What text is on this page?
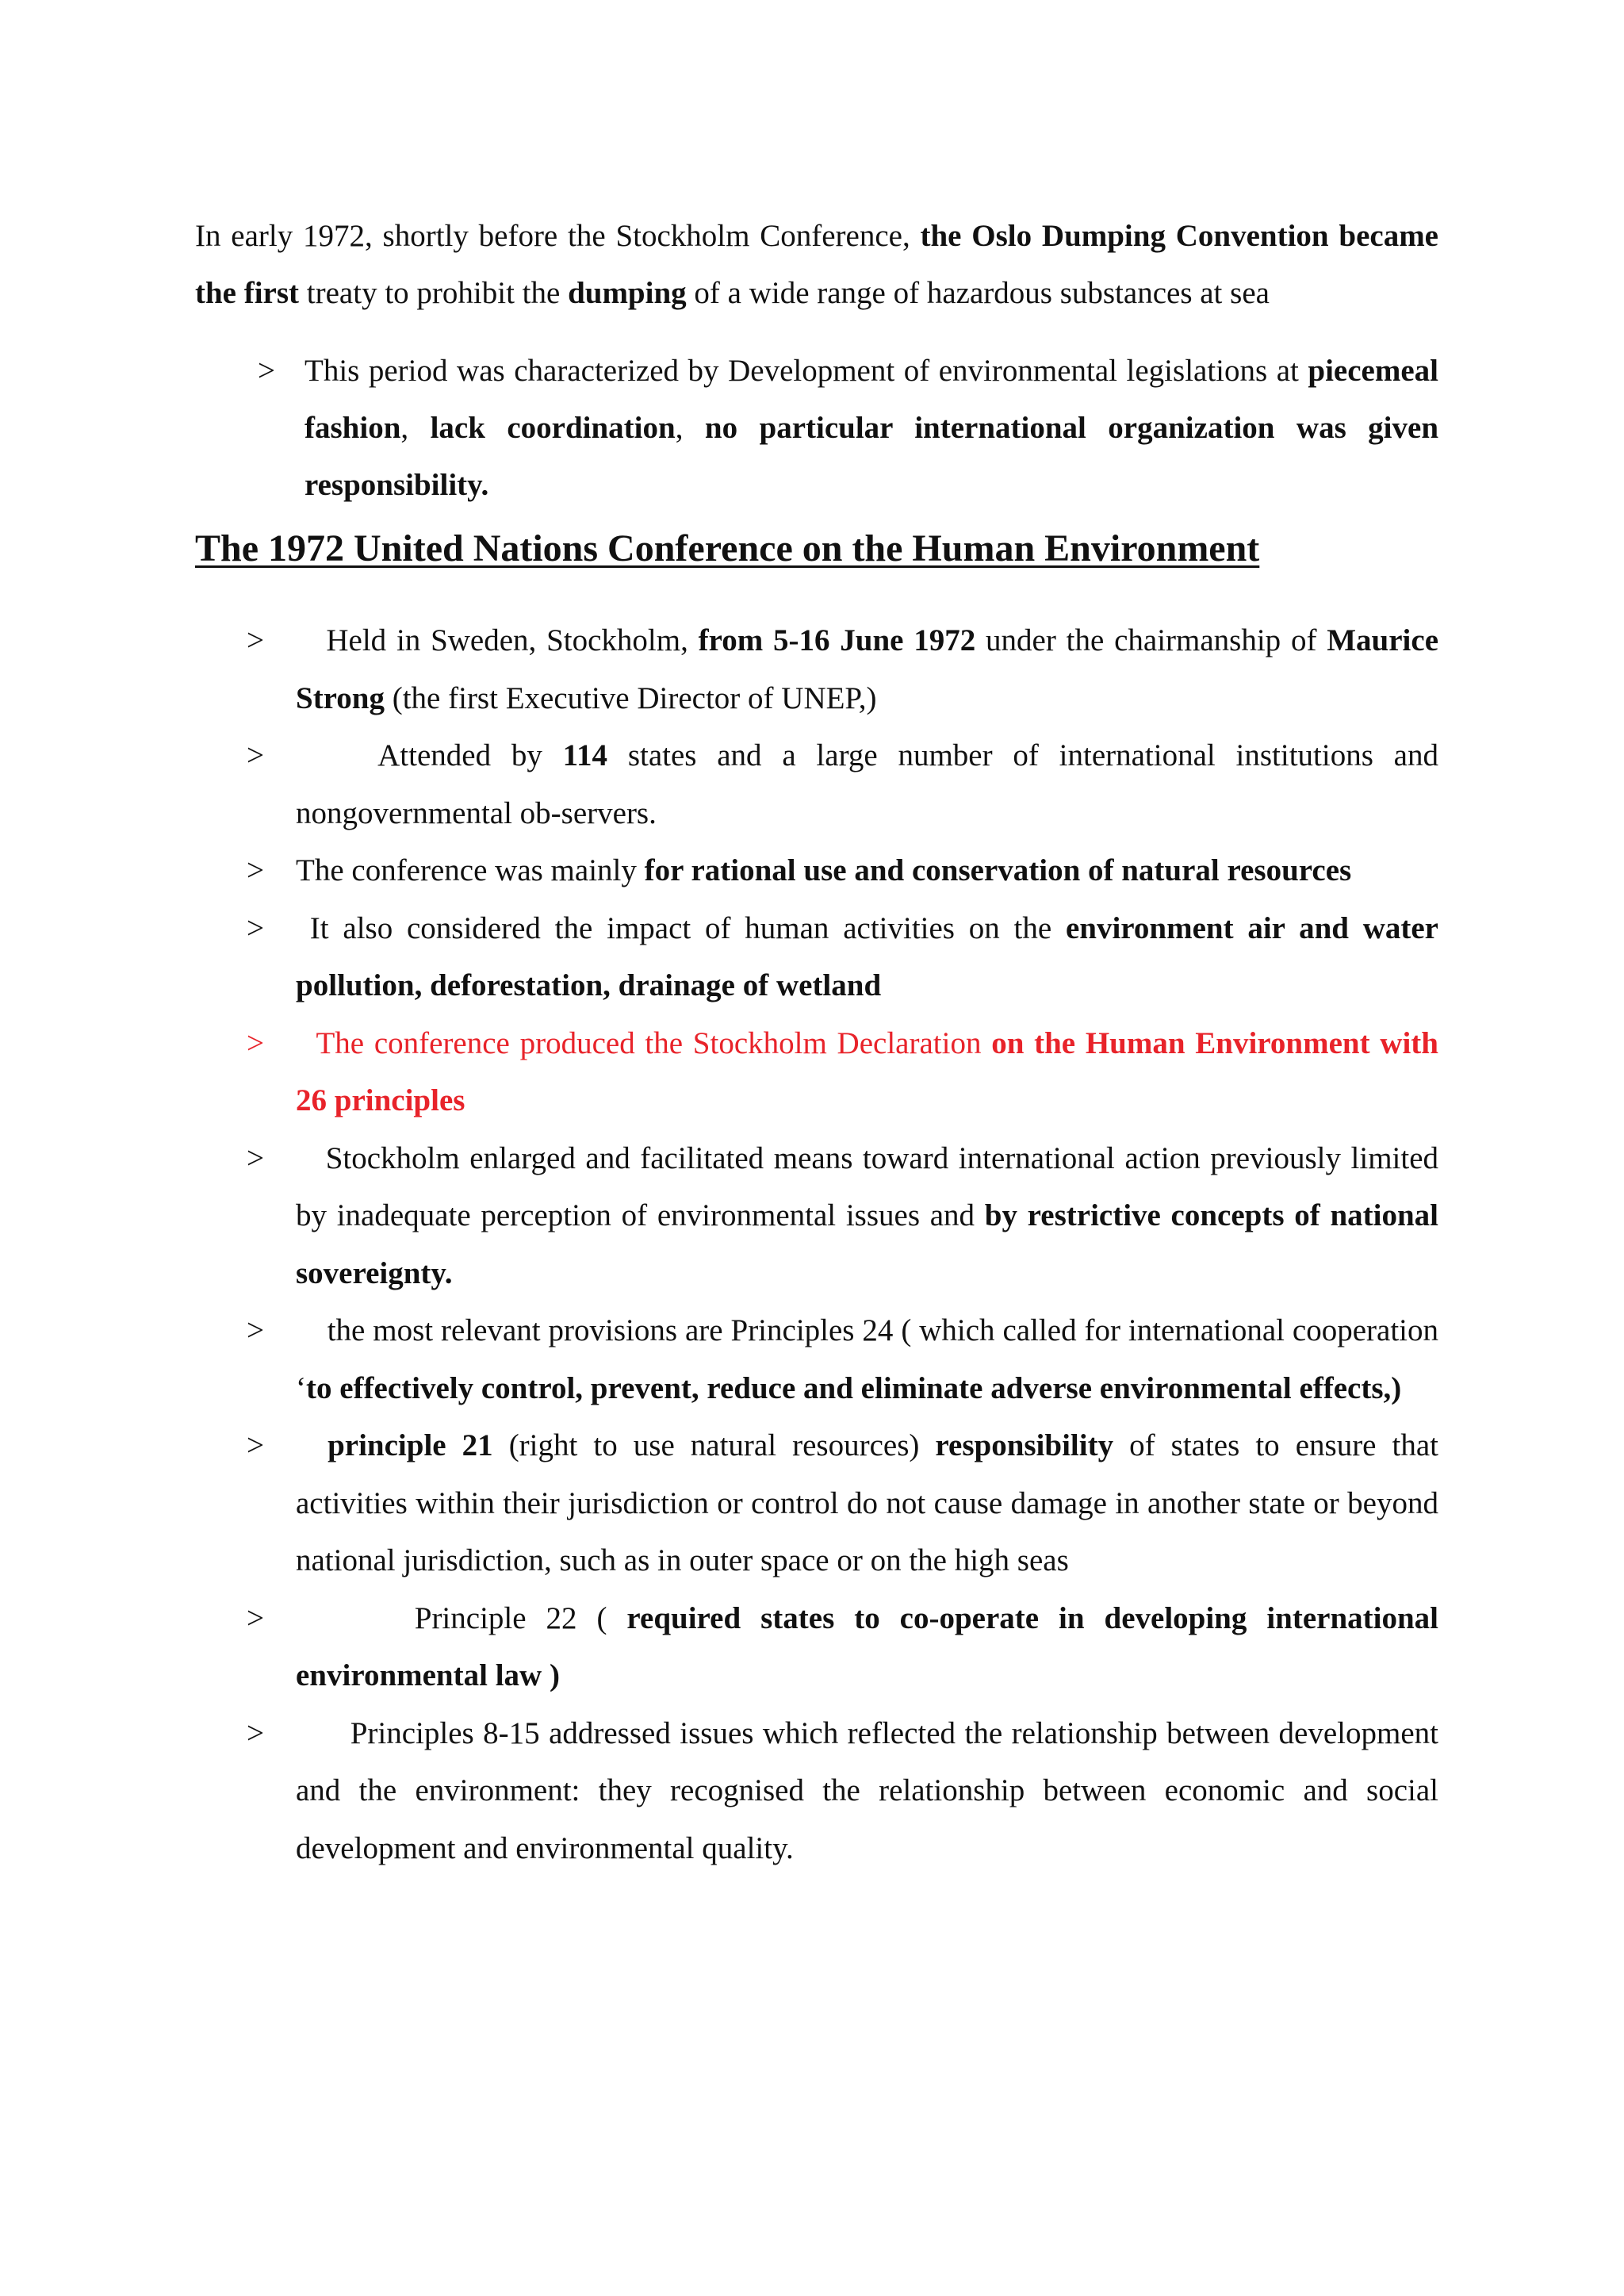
In early 1972, shortly before the Stockholm Conference, the Oslo Dumping Convention became the first treaty to prohibit the dumping of a wide range of hazardous substances at sea

> This period was characterized by Development of environmental legislations at piecemeal fashion, lack coordination, no particular international organization was given responsibility.
The 1972 United Nations Conference on the Human Environment
> Held in Sweden, Stockholm, from 5-16 June 1972 under the chairmanship of Maurice Strong (the first Executive Director of UNEP,)
>	Attended by 114 states and a large number of international institutions and nongovernmental ob-servers.
> The conference was mainly for rational use and conservation of natural resources
> It also considered the impact of human activities on the environment air and water pollution, deforestation, drainage of wetland
> The conference produced the Stockholm Declaration on the Human Environment with 26 principles
> Stockholm enlarged and facilitated means toward international action previously limited by inadequate perception of environmental issues and by restrictive concepts of national sovereignty.
> the most relevant provisions are Principles 24 ( which called for international cooperation ‘to effectively control, prevent, reduce and eliminate adverse environmental effects,)
> principle 21 (right to use natural resources) responsibility of states to ensure that activities within their jurisdiction or control do not cause damage in another state or beyond national jurisdiction, such as in outer space or on the high seas
>	Principle 22 ( required states to co-operate in developing international environmental law )
>	Principles 8-15 addressed issues which reflected the relationship between development and the environment: they recognised the relationship between economic and social development and environmental quality.
